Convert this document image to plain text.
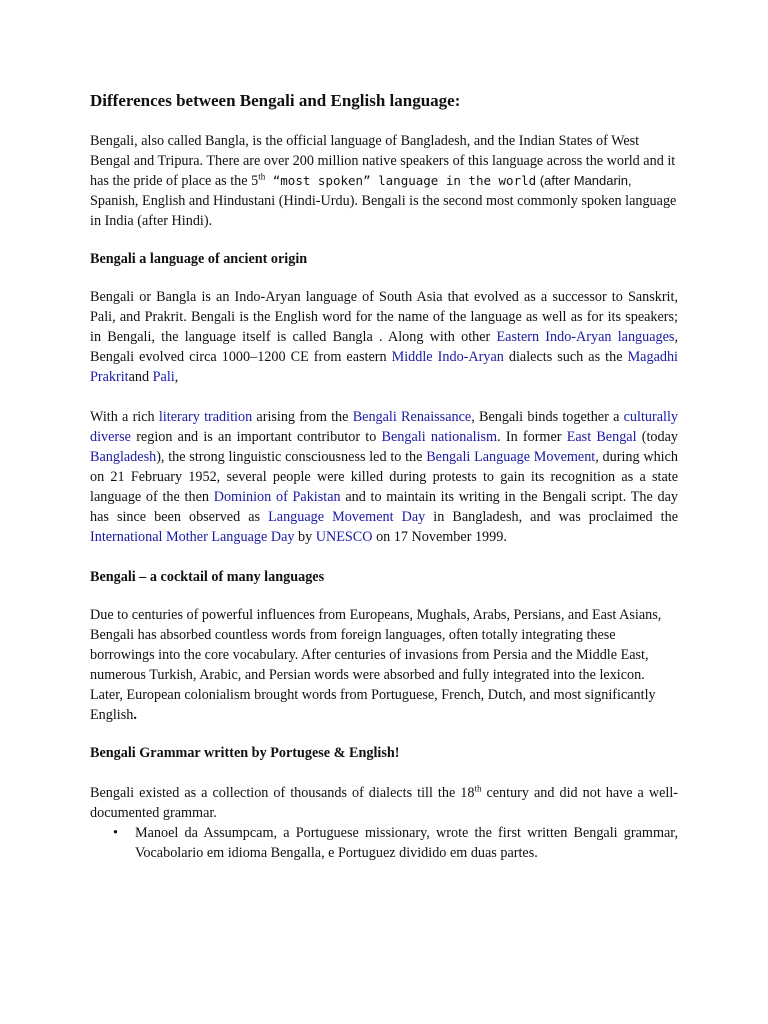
Differences between Bengali and English language:

Bengali, also called Bangla, is the official language of Bangladesh, and the Indian States of West Bengal and Tripura. There are over 200 million native speakers of this language across the world and it has the pride of place as the 5th “most spoken” language in the world (after Mandarin, Spanish, English and Hindustani (Hindi-Urdu). Bengali is the second most commonly spoken language in India (after Hindi).

Bengali a language of ancient origin

Bengali or Bangla is an Indo-Aryan language of South Asia that evolved as a successor to Sanskrit, Pali, and Prakrit. Bengali is the English word for the name of the language as well as for its speakers; in Bengali, the language itself is called Bangla . Along with other Eastern Indo-Aryan languages, Bengali evolved circa 1000–1200 CE from eastern Middle Indo-Aryan dialects such as the Magadhi Prakritand Pali,

With a rich literary tradition arising from the Bengali Renaissance, Bengali binds together a culturally diverse region and is an important contributor to Bengali nationalism. In former East Bengal (today Bangladesh), the strong linguistic consciousness led to the Bengali Language Movement, during which on 21 February 1952, several people were killed during protests to gain its recognition as a state language of the then Dominion of Pakistan and to maintain its writing in the Bengali script. The day has since been observed as Language Movement Day in Bangladesh, and was proclaimed the International Mother Language Day by UNESCO on 17 November 1999.

Bengali – a cocktail of many languages

Due to centuries of powerful influences from Europeans, Mughals, Arabs, Persians, and East Asians, Bengali has absorbed countless words from foreign languages, often totally integrating these borrowings into the core vocabulary. After centuries of invasions from Persia and the Middle East, numerous Turkish, Arabic, and Persian words were absorbed and fully integrated into the lexicon. Later, European colonialism brought words from Portuguese, French, Dutch, and most significantly English.

Bengali Grammar written by Portugese & English!

Bengali existed as a collection of thousands of dialects till the 18th century and did not have a well-documented grammar.

• Manoel da Assumpcam, a Portuguese missionary, wrote the first written Bengali grammar, Vocabolario em idioma Bengalla, e Portuguez dividido em duas partes.
